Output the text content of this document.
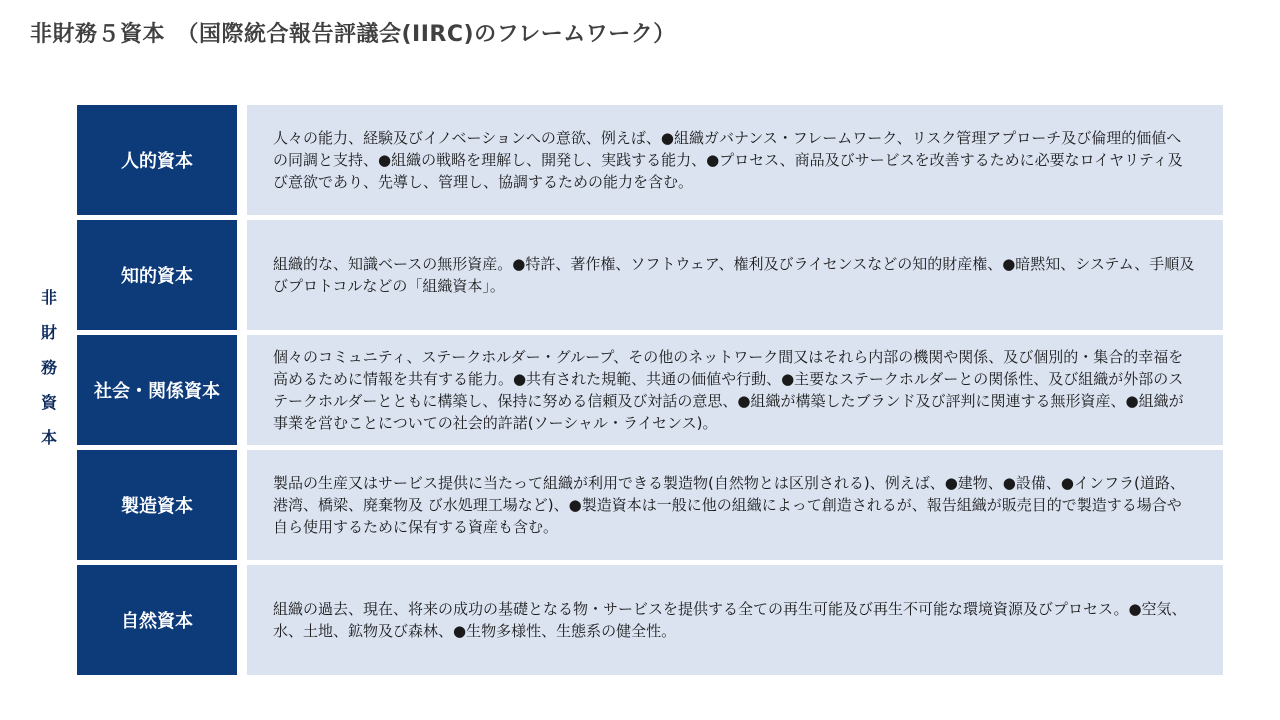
非財務５資本　（国際統合報告評議会(IIRC)のフレームワーク）
非
財
務
資
本
人的資本

人々の能力、経験及びイノベーションへの意欲、例えば、●組織ガバナンス・フレームワーク、リスク管理アプローチ及び倫理的価値への同調と支持、●組織の戦略を理解し、開発し、実践する能力、●プロセス、商品及びサービスを改善するために必要なロイヤリティ及び意欲であり、先導し、管理し、協調するための能力を含む。

知的資本

組織的な、知識ベースの無形資産。●特許、著作権、ソフトウェア、権利及びライセンスなどの知的財産権、●暗黙知、システム、手順及びプロトコルなどの「組織資本」。

社会・関係資本

個々のコミュニティ、ステークホルダー・グループ、その他のネットワーク間又はそれら内部の機関や関係、及び個別的・集合的幸福を高めるために情報を共有する能力。●共有された規範、共通の価値や行動、●主要なステークホルダーとの関係性、及び組織が外部のステークホルダーとともに構築し、保持に努める信頼及び対話の意思、●組織が構築したブランド及び評判に関連する無形資産、●組織が事業を営むことについての社会的許諾(ソーシャル・ライセンス)。

製造資本

製品の生産又はサービス提供に当たって組織が利用できる製造物(自然物とは区別される)、例えば、●建物、●設備、●インフラ(道路、港湾、橋梁、廃棄物及 び水処理工場など)、●製造資本は一般に他の組織によって創造されるが、報告組織が販売目的で製造する場合や自ら使用するために保有する資産も含む。

自然資本

組織の過去、現在、将来の成功の基礎となる物・サービスを提供する全ての再生可能及び再生不可能な環境資源及びプロセス。●空気、水、土地、鉱物及び森林、●生物多様性、生態系の健全性。
